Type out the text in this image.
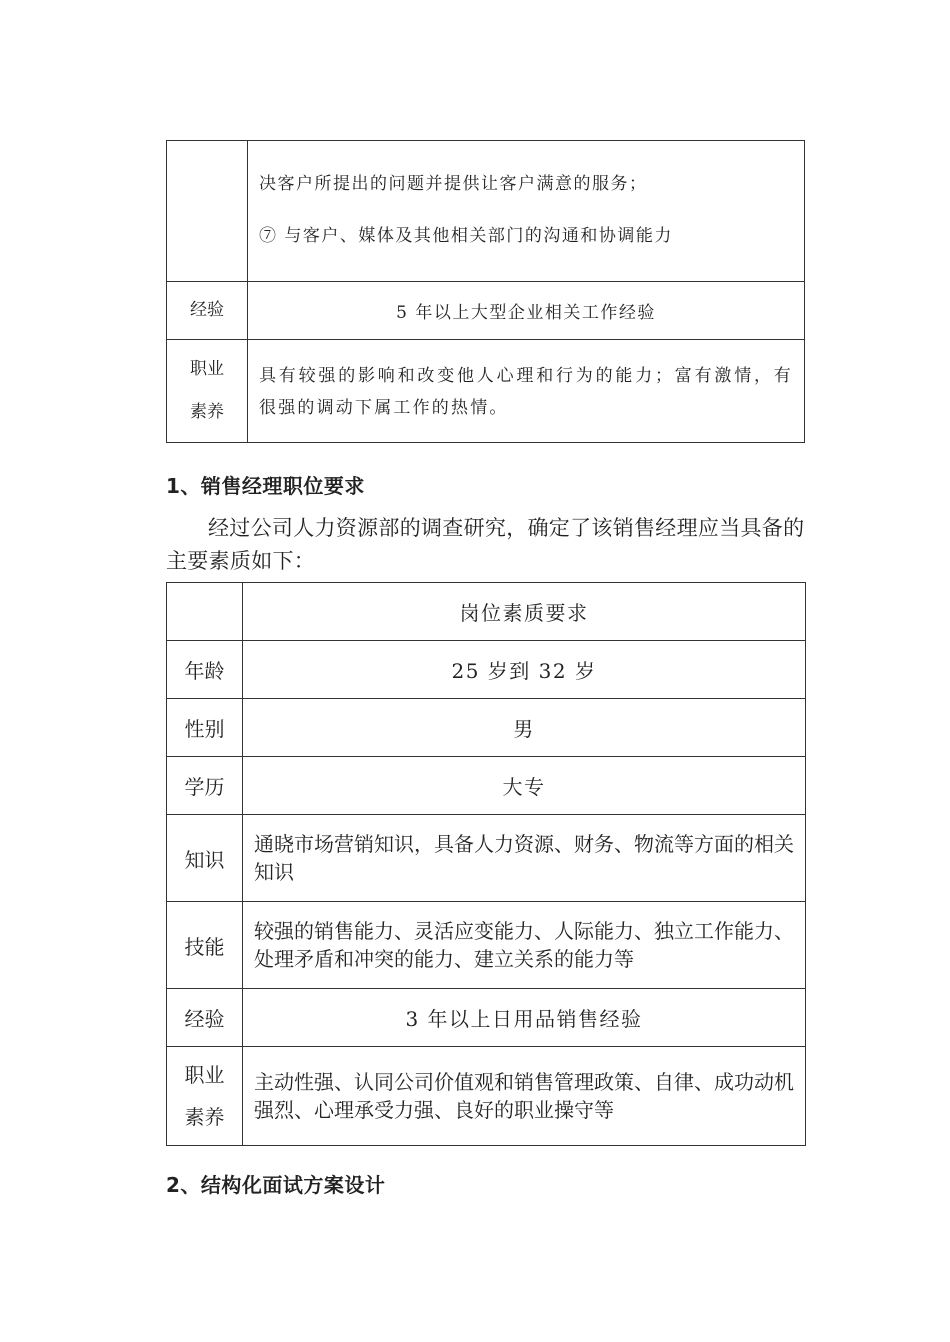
	决客户所提出的问题并提供让客户满意的服务；
⑦ 与客户、媒体及其他相关部门的沟通和协调能力

经验	5 年以上大型企业相关工作经验

职业
素养	具有较强的影响和改变他人心理和行为的能力；富有激情，有很强的调动下属工作的热情。
1、销售经理职位要求

经过公司人力资源部的调查研究，确定了该销售经理应当具备的主要素质如下：

	岗位素质要求
年龄	25 岁到 32 岁
性别	男
学历	大专
知识	通晓市场营销知识，具备人力资源、财务、物流等方面的相关知识
技能	较强的销售能力、灵活应变能力、人际能力、独立工作能力、处理矛盾和冲突的能力、建立关系的能力等
经验	3 年以上日用品销售经验

职业
素养	主动性强、认同公司价值观和销售管理政策、自律、成功动机强烈、心理承受力强、良好的职业操守等
2、结构化面试方案设计
